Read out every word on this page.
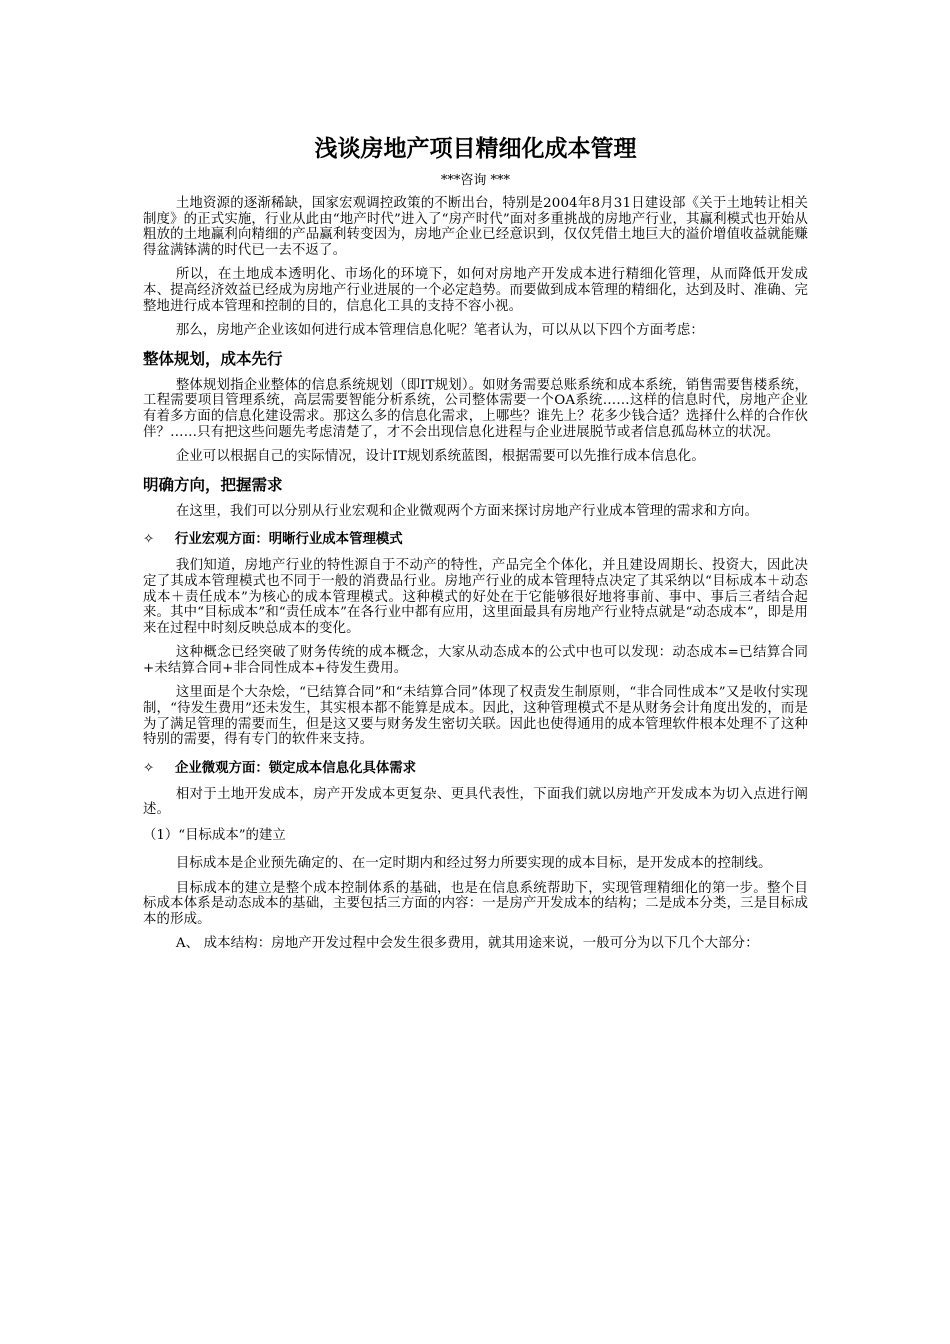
浅谈房地产项目精细化成本管理
***咨询 ***

土地资源的逐渐稀缺，国家宏观调控政策的不断出台，特别是2004年8月31日建设部《关于土地转让相关制度》的正式实施，行业从此由“地产时代”进入了“房产时代”面对多重挑战的房地产行业，其赢利模式也开始从粗放的土地赢利向精细的产品赢利转变因为，房地产企业已经意识到，仅仅凭借土地巨大的溢价增值收益就能赚得盆满钵满的时代已一去不返了。

所以，在土地成本透明化、市场化的环境下，如何对房地产开发成本进行精细化管理，从而降低开发成本、提高经济效益已经成为房地产行业进展的一个必定趋势。而要做到成本管理的精细化，达到及时、准确、完整地进行成本管理和控制的目的，信息化工具的支持不容小视。

那么，房地产企业该如何进行成本管理信息化呢？笔者认为，可以从以下四个方面考虑：

整体规划，成本先行

整体规划指企业整体的信息系统规划（即IT规划）。如财务需要总账系统和成本系统，销售需要售楼系统，工程需要项目管理系统，高层需要智能分析系统，公司整体需要一个OA系统……这样的信息时代，房地产企业有着多方面的信息化建设需求。那这么多的信息化需求，上哪些？谁先上？花多少钱合适？选择什么样的合作伙伴？……只有把这些问题先考虑清楚了，才不会出现信息化进程与企业进展脱节或者信息孤岛林立的状况。

企业可以根据自己的实际情况，设计IT规划系统蓝图，根据需要可以先推行成本信息化。

明确方向，把握需求

在这里，我们可以分别从行业宏观和企业微观两个方面来探讨房地产行业成本管理的需求和方向。

✧ 行业宏观方面：明晰行业成本管理模式

我们知道，房地产行业的特性源自于不动产的特性，产品完全个体化，并且建设周期长、投资大，因此决定了其成本管理模式也不同于一般的消费品行业。房地产行业的成本管理特点决定了其采纳以“目标成本＋动态成本＋责任成本”为核心的成本管理模式。这种模式的好处在于它能够很好地将事前、事中、事后三者结合起来。其中“目标成本”和“责任成本”在各行业中都有应用，这里面最具有房地产行业特点就是“动态成本”，即是用来在过程中时刻反映总成本的变化。

这种概念已经突破了财务传统的成本概念，大家从动态成本的公式中也可以发现：动态成本=已结算合同+未结算合同+非合同性成本+待发生费用。

这里面是个大杂烩，“已结算合同”和“未结算合同”体现了权责发生制原则，“非合同性成本”又是收付实现制，“待发生费用”还未发生，其实根本都不能算是成本。因此，这种管理模式不是从财务会计角度出发的，而是为了满足管理的需要而生，但是这又要与财务发生密切关联。因此也使得通用的成本管理软件根本处理不了这种特别的需要，得有专门的软件来支持。

✧ 企业微观方面：锁定成本信息化具体需求

相对于土地开发成本，房产开发成本更复杂、更具代表性，下面我们就以房地产开发成本为切入点进行阐述。

（1）“目标成本”的建立

目标成本是企业预先确定的、在一定时期内和经过努力所要实现的成本目标，是开发成本的控制线。

目标成本的建立是整个成本控制体系的基础，也是在信息系统帮助下，实现管理精细化的第一步。整个目标成本体系是动态成本的基础，主要包括三方面的内容：一是房产开发成本的结构；二是成本分类，三是目标成本的形成。

A、 成本结构：房地产开发过程中会发生很多费用，就其用途来说，一般可分为以下几个大部分：
